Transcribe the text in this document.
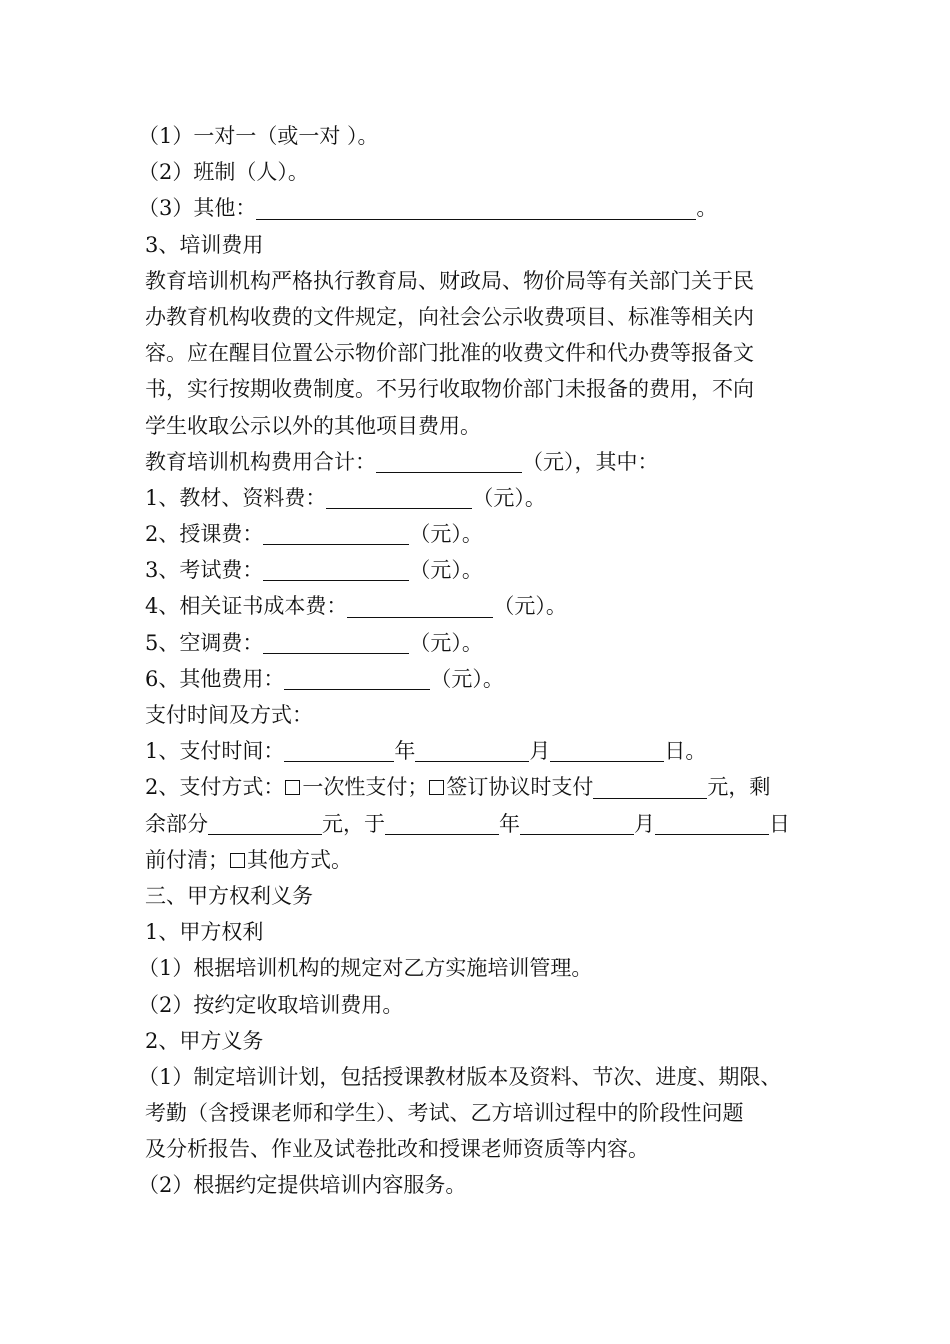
（1）一对一（或一对 ）。
（2）班制（人）。
（3）其他：	。
3、培训费用
教育培训机构严格执行教育局、财政局、物价局等有关部门关于民
办教育机构收费的文件规定，向社会公示收费项目、标准等相关内
容。应在醒目位置公示物价部门批准的收费文件和代办费等报备文
书，实行按期收费制度。不另行收取物价部门未报备的费用，不向
学生收取公示以外的其他项目费用。
教育培训机构费用合计：	（元），其中：
1、教材、资料费：	（元）。
2、授课费：	（元）。
3、考试费：	（元）。
4、相关证书成本费：	（元）。
5、空调费：	（元）。
6、其他费用：	（元）。
支付时间及方式：
1、支付时间：	年	月	日。
2、支付方式： 一次性支付； 签订协议时支付	元，剩
余部分	元，于	年	月	日
前付清； 其他方式。
三、甲方权利义务
1、甲方权利
（1）根据培训机构的规定对乙方实施培训管理。
（2）按约定收取培训费用。
2、甲方义务
（1）制定培训计划，包括授课教材版本及资料、节次、进度、期限、
考勤（含授课老师和学生）、考试、乙方培训过程中的阶段性问题
及分析报告、作业及试卷批改和授课老师资质等内容。
（2）根据约定提供培训内容服务。
